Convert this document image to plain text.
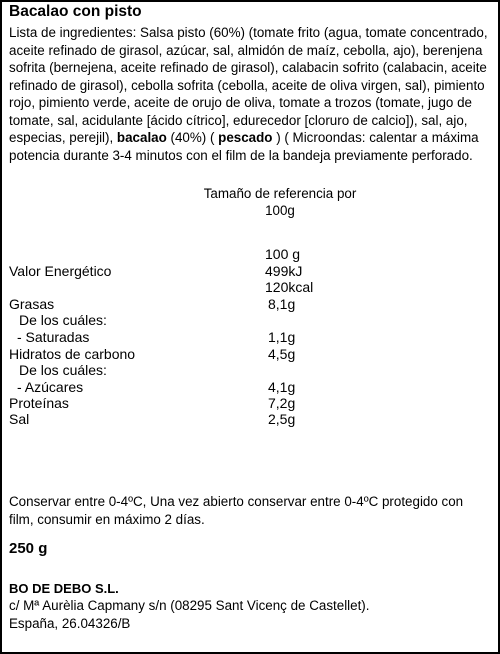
Bacalao con pisto
Lista de ingredientes: Salsa pisto (60%) (tomate frito (agua, tomate concentrado, aceite refinado de girasol, azúcar, sal, almidón de maíz, cebolla, ajo), berenjena sofrita (bernejena, aceite refinado de girasol), calabacin sofrito (calabacin, aceite refinado de girasol), cebolla sofrita (cebolla, aceite de oliva virgen, sal), pimiento rojo, pimiento verde, aceite de orujo de oliva, tomate a trozos (tomate, jugo de tomate, sal, acidulante [ácido cítrico], edurecedor [cloruro de calcio]), sal, ajo, especias, perejil), bacalao (40%) ( pescado ) ( Microondas: calentar a máxima potencia durante 3-4 minutos con el film de la bandeja previamente perforado.
Tamaño de referencia por 100g
100 g
Valor Energético	499kJ
120kcal
Grasas	8,1g
De los cuáles:
- Saturadas	1,1g
Hidratos de carbono	4,5g
De los cuáles:
- Azúcares	4,1g
Proteínas	7,2g
Sal	2,5g
Conservar entre 0-4ºC, Una vez abierto conservar entre 0-4ºC protegido con film, consumir en máximo 2 días.
250 g
BO DE DEBO S.L.
c/ Mª Aurèlia Capmany s/n (08295 Sant Vicenç de Castellet).
España, 26.04326/B
